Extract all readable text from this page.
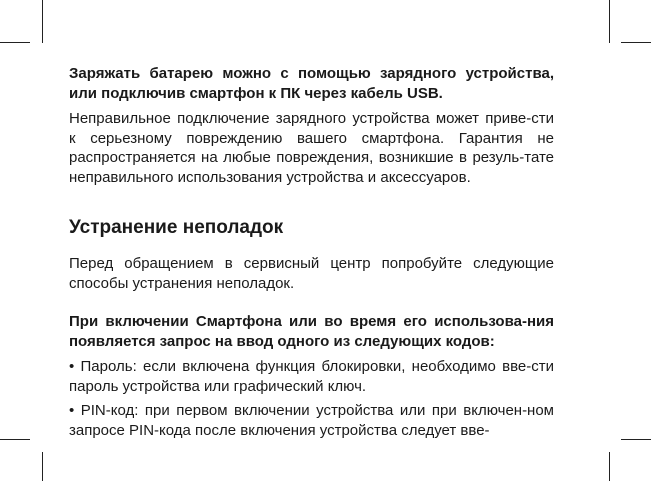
Заряжать батарею можно с помощью зарядного устройства, или подключив смартфон к ПК через кабель USB.

Неправильное подключение зарядного устройства может приве-сти к серьезному повреждению вашего смартфона. Гарантия не распространяется на любые повреждения, возникшие в резуль-тате неправильного использования устройства и аксессуаров.

Устранение неполадок

Перед обращением в сервисный центр попробуйте следующие способы устранения неполадок.

При включении Смартфона или во время его использова-ния появляется запрос на ввод одного из следующих кодов:

• Пароль: если включена функция блокировки, необходимо вве-сти пароль устройства или графический ключ.

• PIN-код: при первом включении устройства или при включен-ном запросе PIN-кода после включения устройства следует вве-
